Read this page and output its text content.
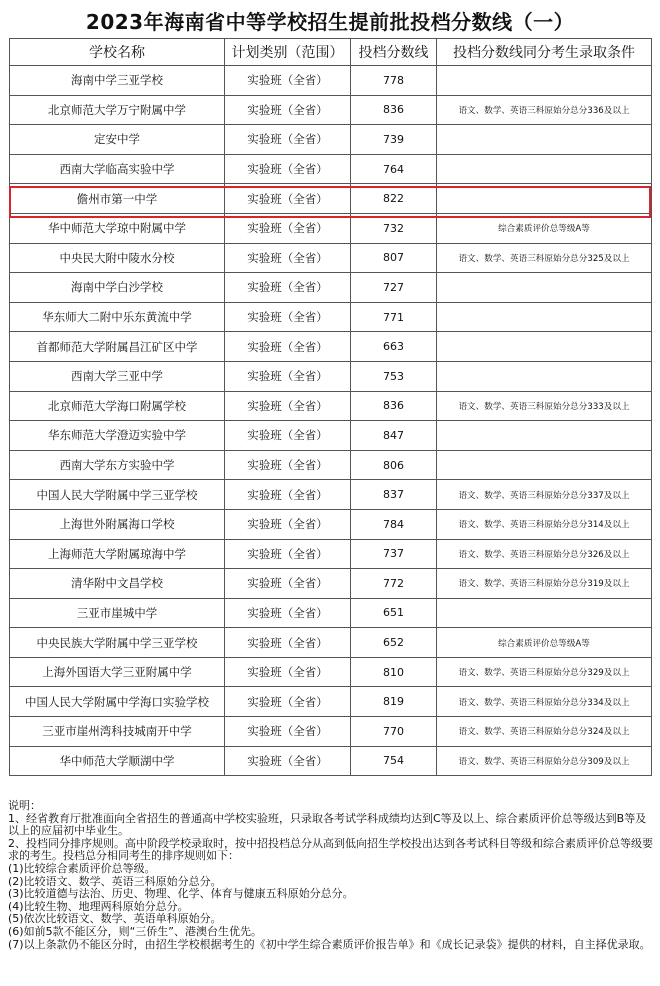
2023年海南省中等学校招生提前批投档分数线（一）
学校名称	计划类别（范围）	投档分数线	投档分数线同分考生录取条件
海南中学三亚学校	实验班（全省）	778	
北京师范大学万宁附属中学	实验班（全省）	836	语文、数学、英语三科原始分总分336及以上
定安中学	实验班（全省）	739	
西南大学临高实验中学	实验班（全省）	764	
儋州市第一中学	实验班（全省）	822	
华中师范大学琼中附属中学	实验班（全省）	732	综合素质评价总等级A等
中央民大附中陵水分校	实验班（全省）	807	语文、数学、英语三科原始分总分325及以上
海南中学白沙学校	实验班（全省）	727	
华东师大二附中乐东黄流中学	实验班（全省）	771	
首都师范大学附属昌江矿区中学	实验班（全省）	663	
西南大学三亚中学	实验班（全省）	753	
北京师范大学海口附属学校	实验班（全省）	836	语文、数学、英语三科原始分总分333及以上
华东师范大学澄迈实验中学	实验班（全省）	847	
西南大学东方实验中学	实验班（全省）	806	
中国人民大学附属中学三亚学校	实验班（全省）	837	语文、数学、英语三科原始分总分337及以上
上海世外附属海口学校	实验班（全省）	784	语文、数学、英语三科原始分总分314及以上
上海师范大学附属琼海中学	实验班（全省）	737	语文、数学、英语三科原始分总分326及以上
清华附中文昌学校	实验班（全省）	772	语文、数学、英语三科原始分总分319及以上
三亚市崖城中学	实验班（全省）	651	
中央民族大学附属中学三亚学校	实验班（全省）	652	综合素质评价总等级A等
上海外国语大学三亚附属中学	实验班（全省）	810	语文、数学、英语三科原始分总分329及以上
中国人民大学附属中学海口实验学校	实验班（全省）	819	语文、数学、英语三科原始分总分334及以上
三亚市崖州湾科技城南开中学	实验班（全省）	770	语文、数学、英语三科原始分总分324及以上
华中师范大学顺湖中学	实验班（全省）	754	语文、数学、英语三科原始分总分309及以上

说明：

1、经省教育厅批准面向全省招生的普通高中学校实验班，只录取各考试学科成绩均达到C等及以上、综合素质评价总等级达到B等及以上的应届初中毕业生。

2、投档同分排序规则。高中阶段学校录取时，按中招投档总分从高到低向招生学校投出达到各考试科目等级和综合素质评价总等级要求的考生。投档总分相同考生的排序规则如下：

(1)比较综合素质评价总等级。

(2)比较语文、数学、英语三科原始分总分。

(3)比较道德与法治、历史、物理、化学、体育与健康五科原始分总分。

(4)比较生物、地理两科原始分总分。

(5)依次比较语文、数学、英语单科原始分。

(6)如前5款不能区分，则“三侨生”、港澳台生优先。

(7)以上条款仍不能区分时，由招生学校根据考生的《初中学生综合素质评价报告单》和《成长记录袋》提供的材料，自主择优录取。
